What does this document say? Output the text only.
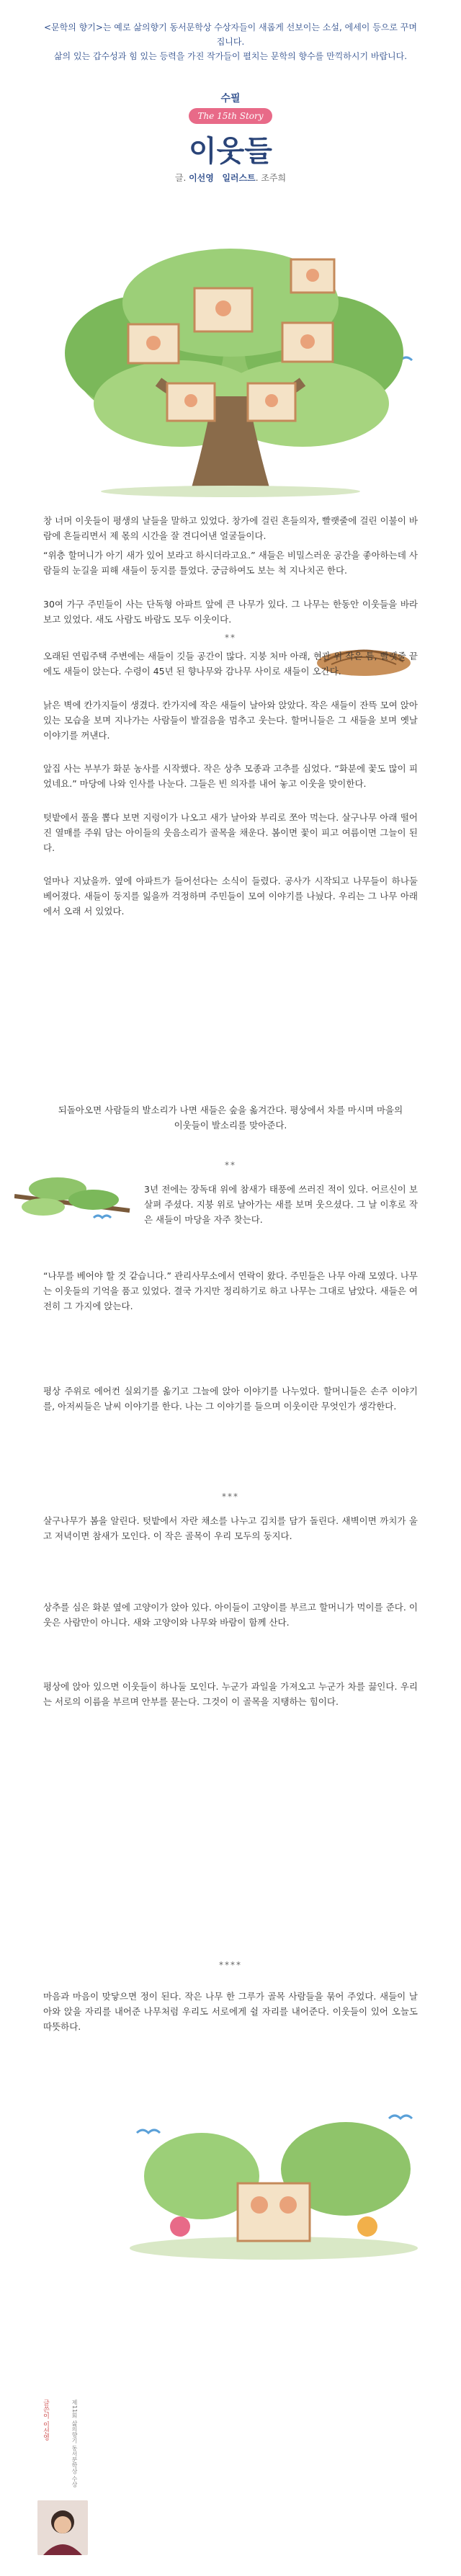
<문학의 향기>는 예로 삶의향기 동서문학상 수상자들이 새롭게 선보이는 소설, 에세이 등으로 꾸며집니다.
삶의 있는 갑수성과 힘 있는 등력을 가진 작가들이 펼치는 문학의 향수를 만끽하시기 바랍니다.
수필
The 15th Story
이웃들
글. 이선영 일러스트. 조주희
창 너머 이웃들이 평생의 날들을 말하고 있었다. 창가에 걸린 흔들의자, 빨랫줄에 걸린 이불이 바람에 흔들리면서 제 몫의 시간을 잘 견디어낸 얼굴들이다.
“위층 할머니가 아기 새가 있어 보라고 하시더라고요.” 새들은 비밀스러운 공간을 좋아하는데 사람들의 눈길을 피해 새들이 둥지를 틀었다. 궁금하여도 보는 척 지나치곤 한다.
30여 가구 주민들이 사는 단독형 아파트 앞에 큰 나무가 있다. 그 나무는 한동안 이웃들을 바라보고 있었다. 새도 사람도 바람도 모두 이웃이다.
**
오래된 연립주택 주변에는 새들이 깃들 공간이 많다. 지붕 처마 아래, 현관 위 작은 틈, 빨랫줄 끝에도 새들이 앉는다. 수령이 45년 된 향나무와 감나무 사이로 새들이 오간다.
낡은 벽에 칸가지들이 생겼다. 칸가지에 작은 새들이 날아와 앉았다. 작은 새들이 잔뜩 모여 앉아 있는 모습을 보며 지나가는 사람들이 발걸음을 멈추고 웃는다. 할머니들은 그 새들을 보며 옛날 이야기를 꺼낸다.
앞집 사는 부부가 화분 농사를 시작했다. 작은 상추 모종과 고추를 심었다. “화분에 꽃도 많이 피었네요.” 마당에 나와 인사를 나눈다. 그들은 빈 의자를 내어 놓고 이웃을 맞이한다.
텃밭에서 풀을 뽑다 보면 지렁이가 나오고 새가 날아와 부리로 쪼아 먹는다. 살구나무 아래 떨어진 열매를 주워 담는 아이들의 웃음소리가 골목을 채운다. 봄이면 꽃이 피고 여름이면 그늘이 된다.
얼마나 지났을까. 옆에 아파트가 들어선다는 소식이 들렸다. 공사가 시작되고 나무들이 하나둘 베어졌다. 새들이 둥지를 잃을까 걱정하며 주민들이 모여 이야기를 나눴다. 우리는 그 나무 아래에서 오래 서 있었다.
되돌아오면 사람들의 발소리가 나면 새들은 숲을 옮겨간다. 평상에서 차를 마시며 마을의
이웃들이 발소리를 맞아준다.
**
3년 전에는 장독대 위에 참새가 태풍에 쓰러진 적이 있다. 어르신이 보살펴 주셨다. 지붕 위로 날아가는 새를 보며 웃으셨다. 그 날 이후로 작은 새들이 마당을 자주 찾는다.
“나무를 베어야 할 것 같습니다.” 관리사무소에서 연락이 왔다. 주민들은 나무 아래 모였다. 나무는 이웃들의 기억을 품고 있었다. 결국 가지만 정리하기로 하고 나무는 그대로 남았다. 새들은 여전히 그 가지에 앉는다.
평상 주위로 에어컨 실외기를 옮기고 그늘에 앉아 이야기를 나누었다. 할머니들은 손주 이야기를, 아저씨들은 날씨 이야기를 한다. 나는 그 이야기를 들으며 이웃이란 무엇인가 생각한다.
***
살구나무가 봄을 알린다. 텃밭에서 자란 채소를 나누고 김치를 담가 돌린다. 새벽이면 까치가 울고 저녁이면 참새가 모인다. 이 작은 골목이 우리 모두의 둥지다.
상추를 심은 화분 옆에 고양이가 앉아 있다. 아이들이 고양이를 부르고 할머니가 먹이를 준다. 이웃은 사람만이 아니다. 새와 고양이와 나무와 바람이 함께 산다.
평상에 앉아 있으면 이웃들이 하나둘 모인다. 누군가 과일을 가져오고 누군가 차를 끓인다. 우리는 서로의 이름을 부르며 안부를 묻는다. 그것이 이 골목을 지탱하는 힘이다.
****
마음과 마음이 맞닿으면 정이 된다. 작은 나무 한 그루가 골목 사람들을 묶어 주었다. 새들이 날아와 앉을 자리를 내어준 나무처럼 우리도 서로에게 쉴 자리를 내어준다. 이웃들이 있어 오늘도 따뜻하다.
글쓴이 이선영	제11회 삶의향기 동서문학상 수상
